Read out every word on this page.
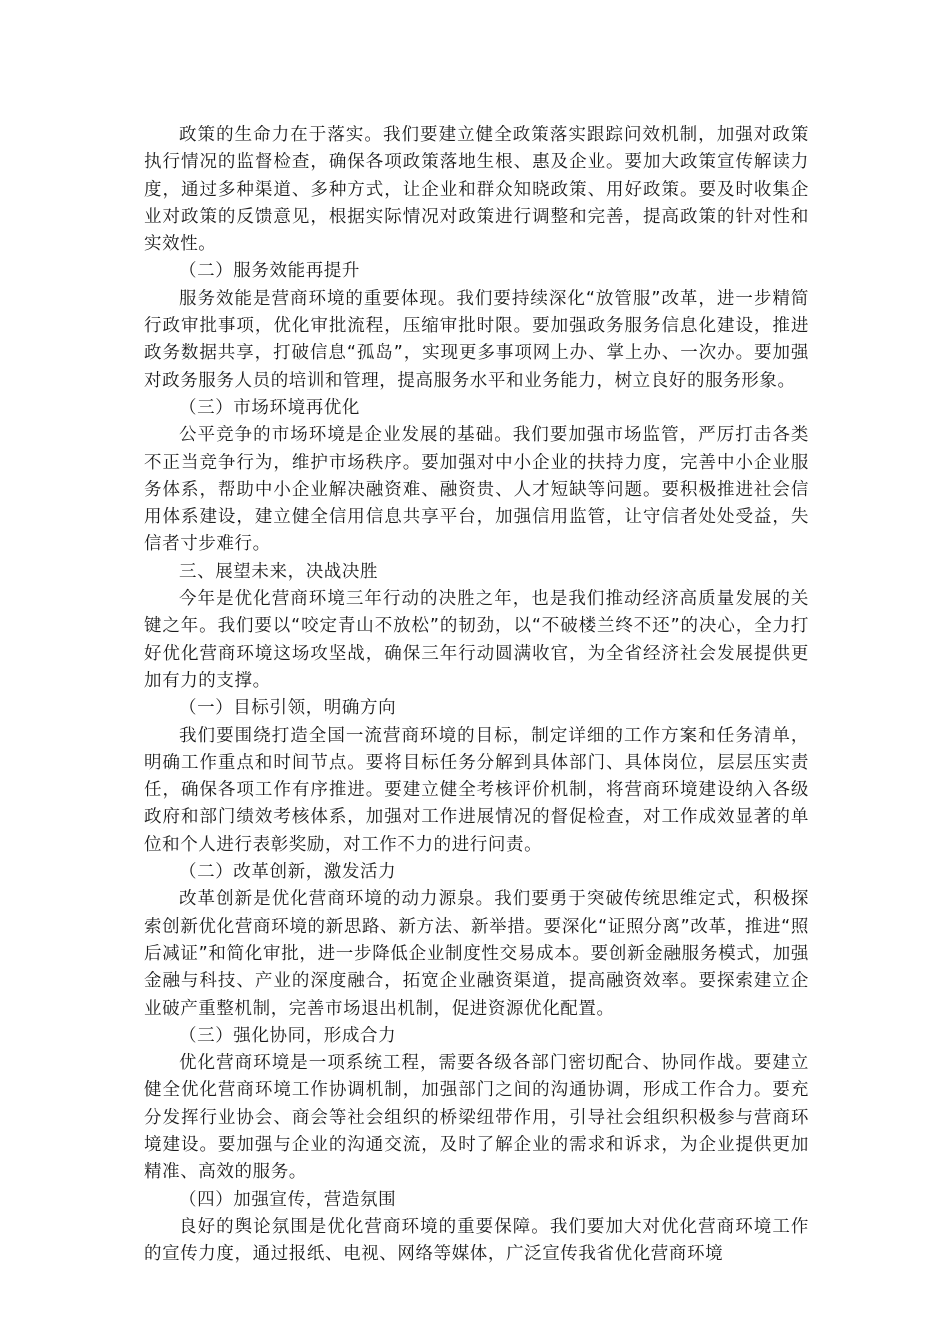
政策的生命力在于落实。我们要建立健全政策落实跟踪问效机制，加强对政策执行情况的监督检查，确保各项政策落地生根、惠及企业。要加大政策宣传解读力度，通过多种渠道、多种方式，让企业和群众知晓政策、用好政策。要及时收集企业对政策的反馈意见，根据实际情况对政策进行调整和完善，提高政策的针对性和实效性。

（二）服务效能再提升

服务效能是营商环境的重要体现。我们要持续深化“放管服”改革，进一步精简行政审批事项，优化审批流程，压缩审批时限。要加强政务服务信息化建设，推进政务数据共享，打破信息“孤岛”，实现更多事项网上办、掌上办、一次办。要加强对政务服务人员的培训和管理，提高服务水平和业务能力，树立良好的服务形象。

（三）市场环境再优化

公平竞争的市场环境是企业发展的基础。我们要加强市场监管，严厉打击各类不正当竞争行为，维护市场秩序。要加强对中小企业的扶持力度，完善中小企业服务体系，帮助中小企业解决融资难、融资贵、人才短缺等问题。要积极推进社会信用体系建设，建立健全信用信息共享平台，加强信用监管，让守信者处处受益，失信者寸步难行。

三、展望未来，决战决胜

今年是优化营商环境三年行动的决胜之年，也是我们推动经济高质量发展的关键之年。我们要以“咬定青山不放松”的韧劲，以“不破楼兰终不还”的决心，全力打好优化营商环境这场攻坚战，确保三年行动圆满收官，为全省经济社会发展提供更加有力的支撑。

（一）目标引领，明确方向

我们要围绕打造全国一流营商环境的目标，制定详细的工作方案和任务清单，明确工作重点和时间节点。要将目标任务分解到具体部门、具体岗位，层层压实责任，确保各项工作有序推进。要建立健全考核评价机制，将营商环境建设纳入各级政府和部门绩效考核体系，加强对工作进展情况的督促检查，对工作成效显著的单位和个人进行表彰奖励，对工作不力的进行问责。

（二）改革创新，激发活力

改革创新是优化营商环境的动力源泉。我们要勇于突破传统思维定式，积极探索创新优化营商环境的新思路、新方法、新举措。要深化“证照分离”改革，推进“照后减证”和简化审批，进一步降低企业制度性交易成本。要创新金融服务模式，加强金融与科技、产业的深度融合，拓宽企业融资渠道，提高融资效率。要探索建立企业破产重整机制，完善市场退出机制，促进资源优化配置。

（三）强化协同，形成合力

优化营商环境是一项系统工程，需要各级各部门密切配合、协同作战。要建立健全优化营商环境工作协调机制，加强部门之间的沟通协调，形成工作合力。要充分发挥行业协会、商会等社会组织的桥梁纽带作用，引导社会组织积极参与营商环境建设。要加强与企业的沟通交流，及时了解企业的需求和诉求，为企业提供更加精准、高效的服务。

（四）加强宣传，营造氛围

良好的舆论氛围是优化营商环境的重要保障。我们要加大对优化营商环境工作的宣传力度，通过报纸、电视、网络等媒体，广泛宣传我省优化营商环境
